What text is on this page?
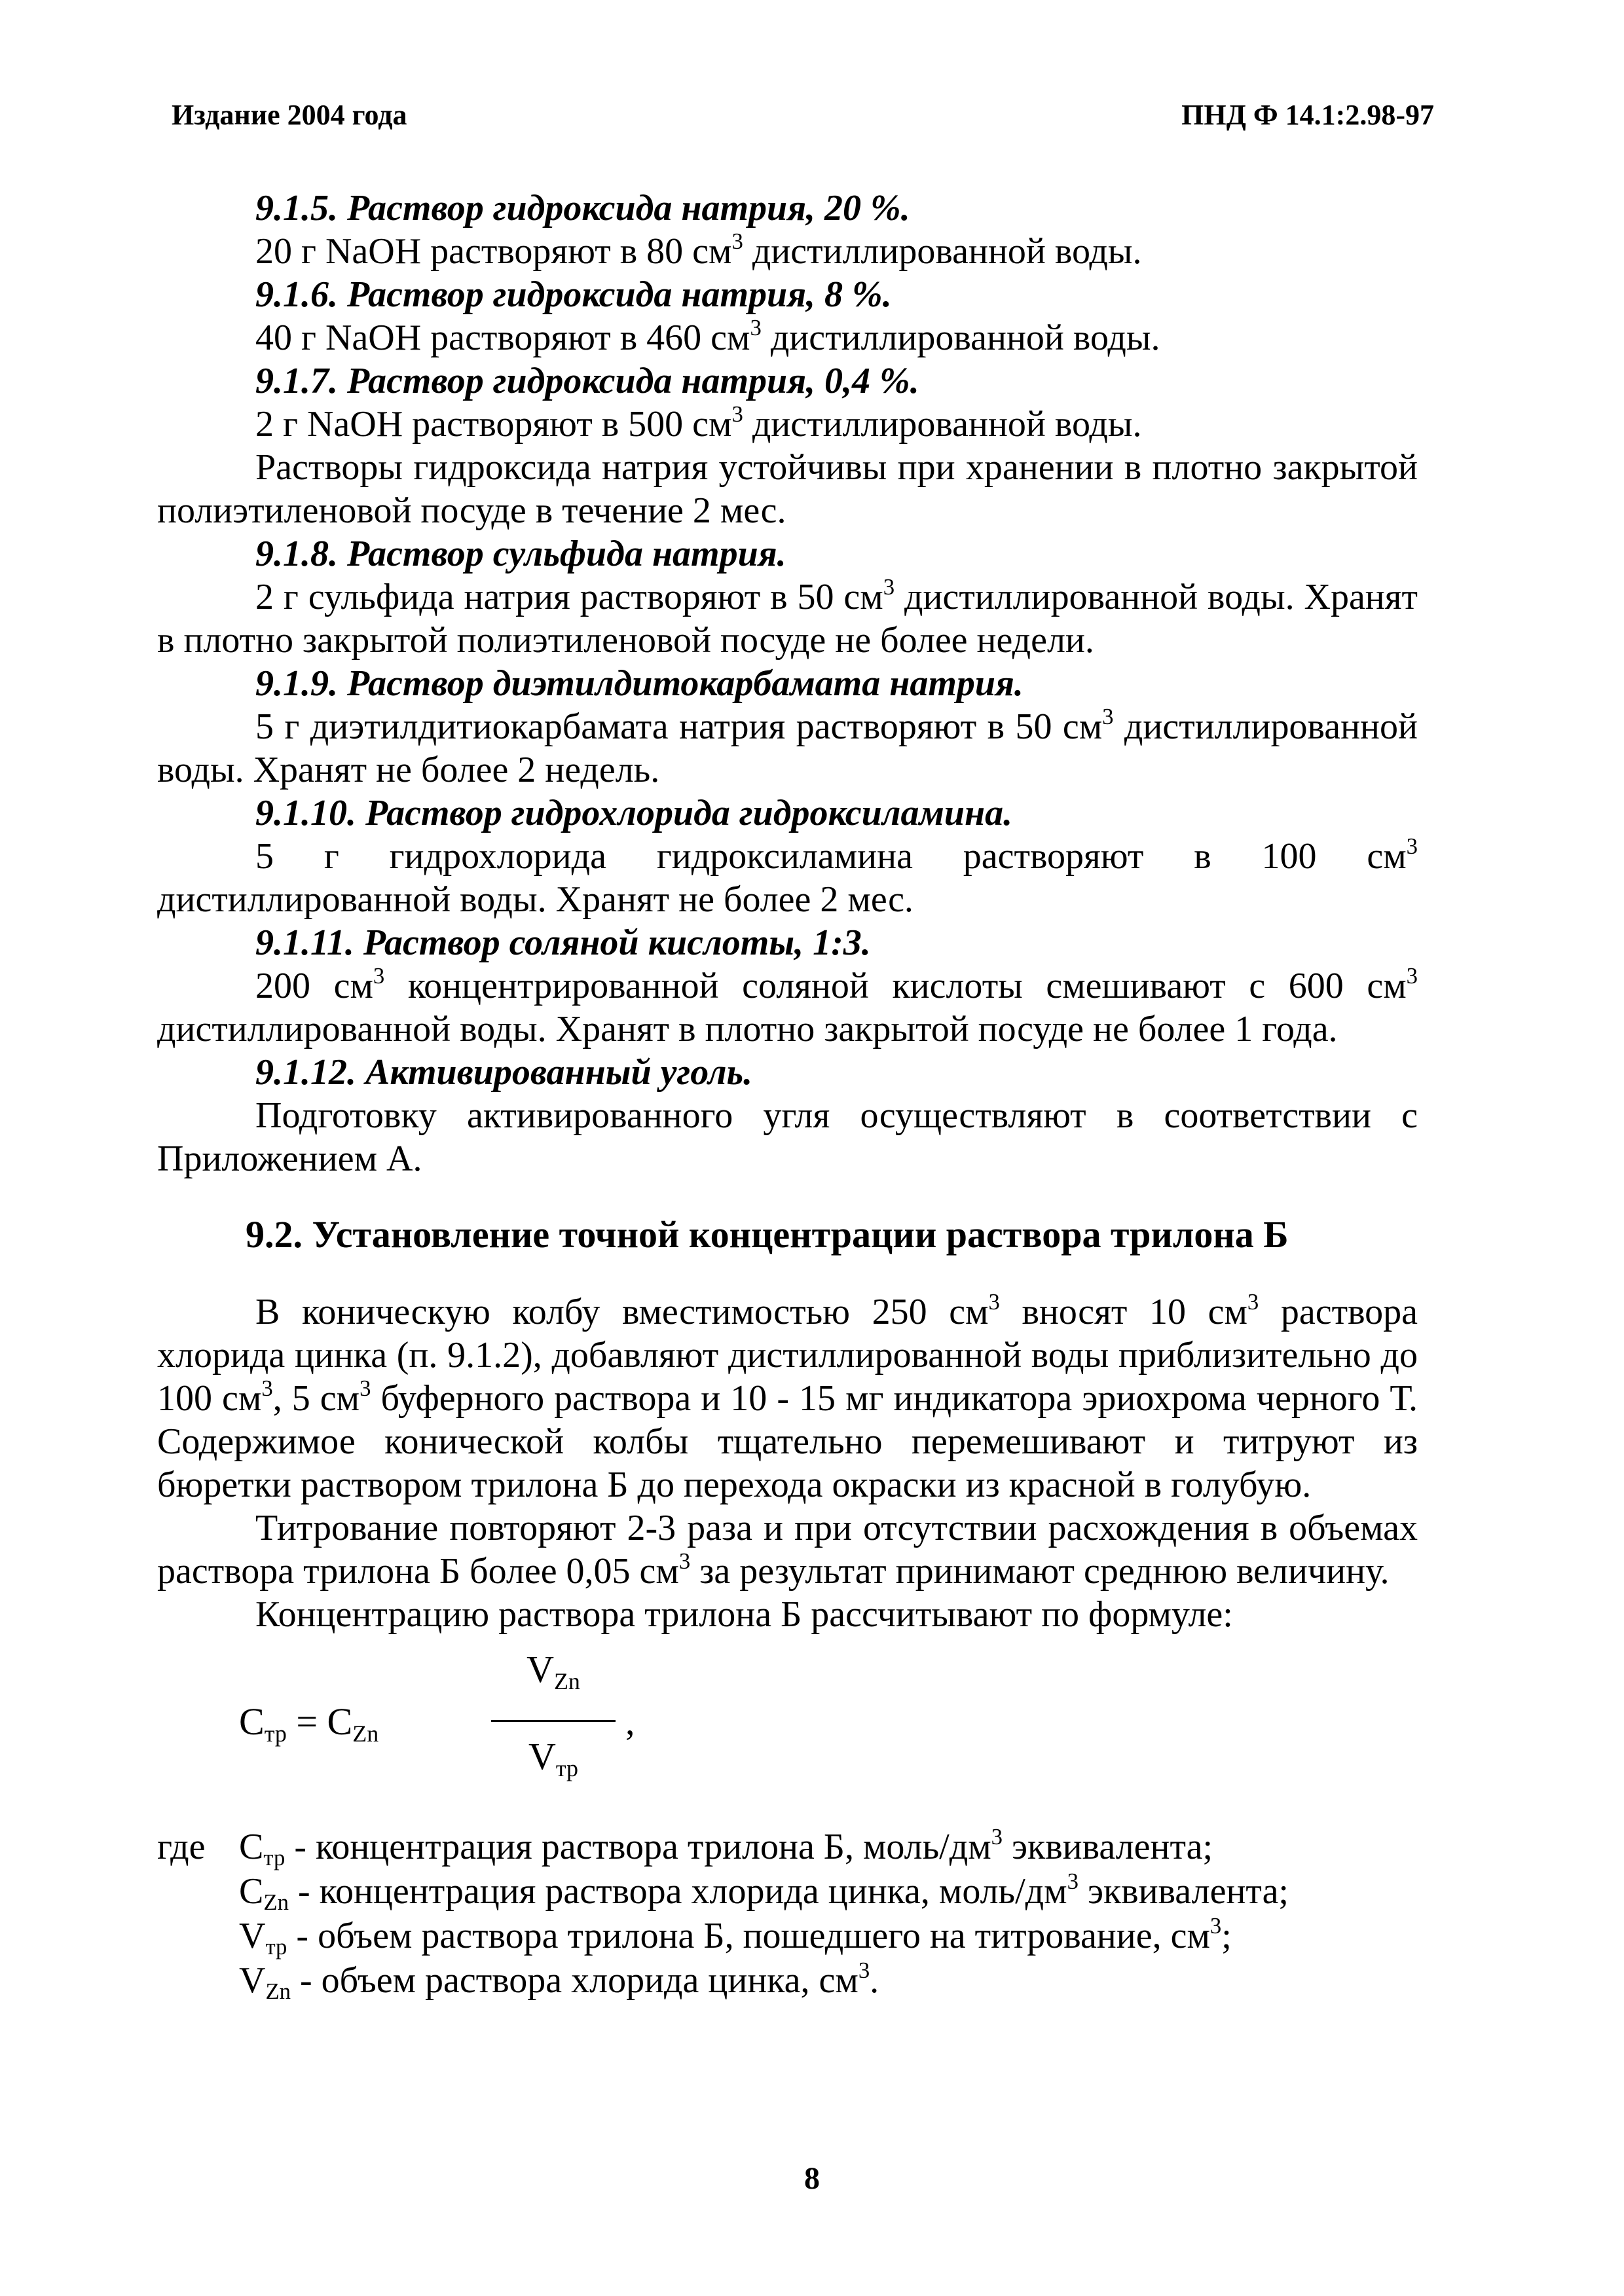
Издание 2004 года	ПНД Ф 14.1:2.98-97

9.1.5. Раствор гидроксида натрия, 20 %.

20 г NaOH растворяют в 80 $см^3$ дистиллированной воды.

9.1.6. Раствор гидроксида натрия, 8 %.

40 г NaOH растворяют в 460 $см^3$ дистиллированной воды.

9.1.7. Раствор гидроксида натрия, 0,4 %.

2 г NaOH растворяют в 500 $см^3$ дистиллированной воды.

Растворы гидроксида натрия устойчивы при хранении в плотно закрытой полиэтиленовой посуде в течение 2 мес.

9.1.8. Раствор сульфида натрия.

2 г сульфида натрия растворяют в 50 $см^3$ дистиллированной воды. Хранят в плотно закрытой полиэтиленовой посуде не более недели.

9.1.9. Раствор диэтилдитокарбамата натрия.

5 г диэтилдитиокарбамата натрия растворяют в 50 $см^3$ дистиллированной воды. Хранят не более 2 недель.

9.1.10. Раствор гидрохлорида гидроксиламина.

5 г гидрохлорида гидроксиламина растворяют в 100 $см^3$ дистиллированной воды. Хранят не более 2 мес.

9.1.11. Раствор соляной кислоты, 1:3.

200 $см^3$ концентрированной соляной кислоты смешивают с 600 $см^3$ дистиллированной воды. Хранят в плотно закрытой посуде не более 1 года.

9.1.12. Активированный уголь.

Подготовку активированного угля осуществляют в соответствии с Приложением А.

9.2. Установление точной концентрации раствора трилона Б

В коническую колбу вместимостью 250 $см^3$ вносят 10 $см^3$ раствора хлорида цинка (п. 9.1.2), добавляют дистиллированной воды приблизительно до 100 $см^3$, 5 $см^3$ буферного раствора и 10 - 15 мг индикатора эриохрома черного Т. Содержимое конической колбы тщательно перемешивают и титруют из бюретки раствором трилона Б до перехода окраски из красной в голубую.

Титрование повторяют 2-3 раза и при отсутствии расхождения в объемах раствора трилона Б более 0,05 $см^3$ за результат принимают среднюю величину.

Концентрацию раствора трилона Б рассчитывают по формуле:

$C_{тр} = C_{Zn}$
$V_{Zn}$
$V_{тр}$
,
где $C_{тр}$ - концентрация раствора трилона Б, моль/$дм^3$ эквивалента;
$C_{Zn}$ - концентрация раствора хлорида цинка, моль/$дм^3$ эквивалента;
$V_{тр}$ - объем раствора трилона Б, пошедшего на титрование, $см^3$;
$V_{Zn}$ - объем раствора хлорида цинка, $см^3$.
8
